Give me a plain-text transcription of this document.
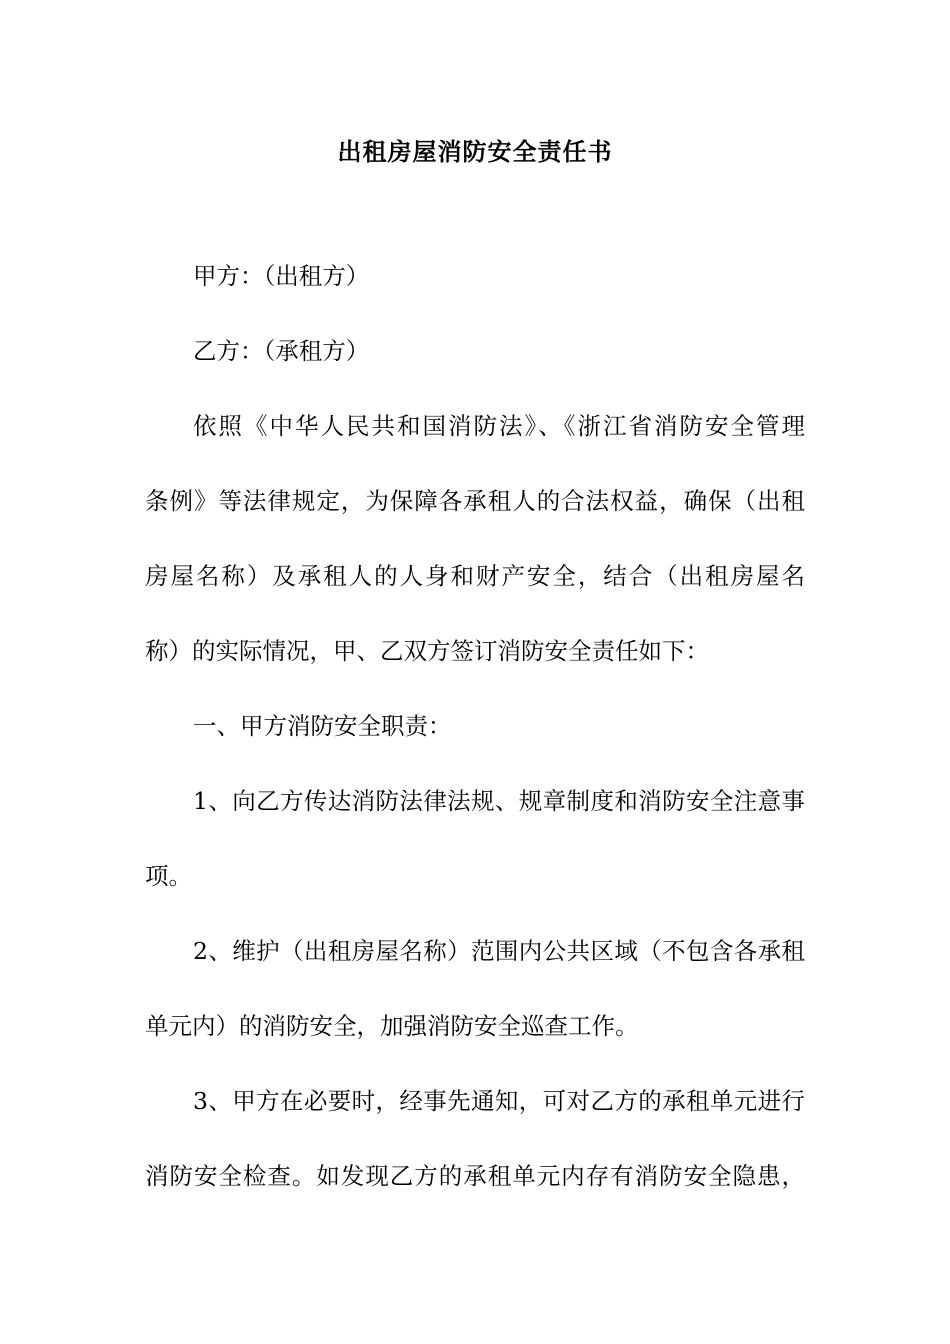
出租房屋消防安全责任书
甲方：（出租方）
乙方：（承租方）
依照《中华人民共和国消防法》、《浙江省消防安全管理
条例》等法律规定，为保障各承租人的合法权益，确保（出租
房屋名称）及承租人的人身和财产安全，结合（出租房屋名
称）的实际情况，甲、乙双方签订消防安全责任如下：
一、甲方消防安全职责：
1、向乙方传达消防法律法规、规章制度和消防安全注意事
项。
2、维护（出租房屋名称）范围内公共区域（不包含各承租
单元内）的消防安全，加强消防安全巡查工作。
3、甲方在必要时，经事先通知，可对乙方的承租单元进行
消防安全检查。如发现乙方的承租单元内存有消防安全隐患，
